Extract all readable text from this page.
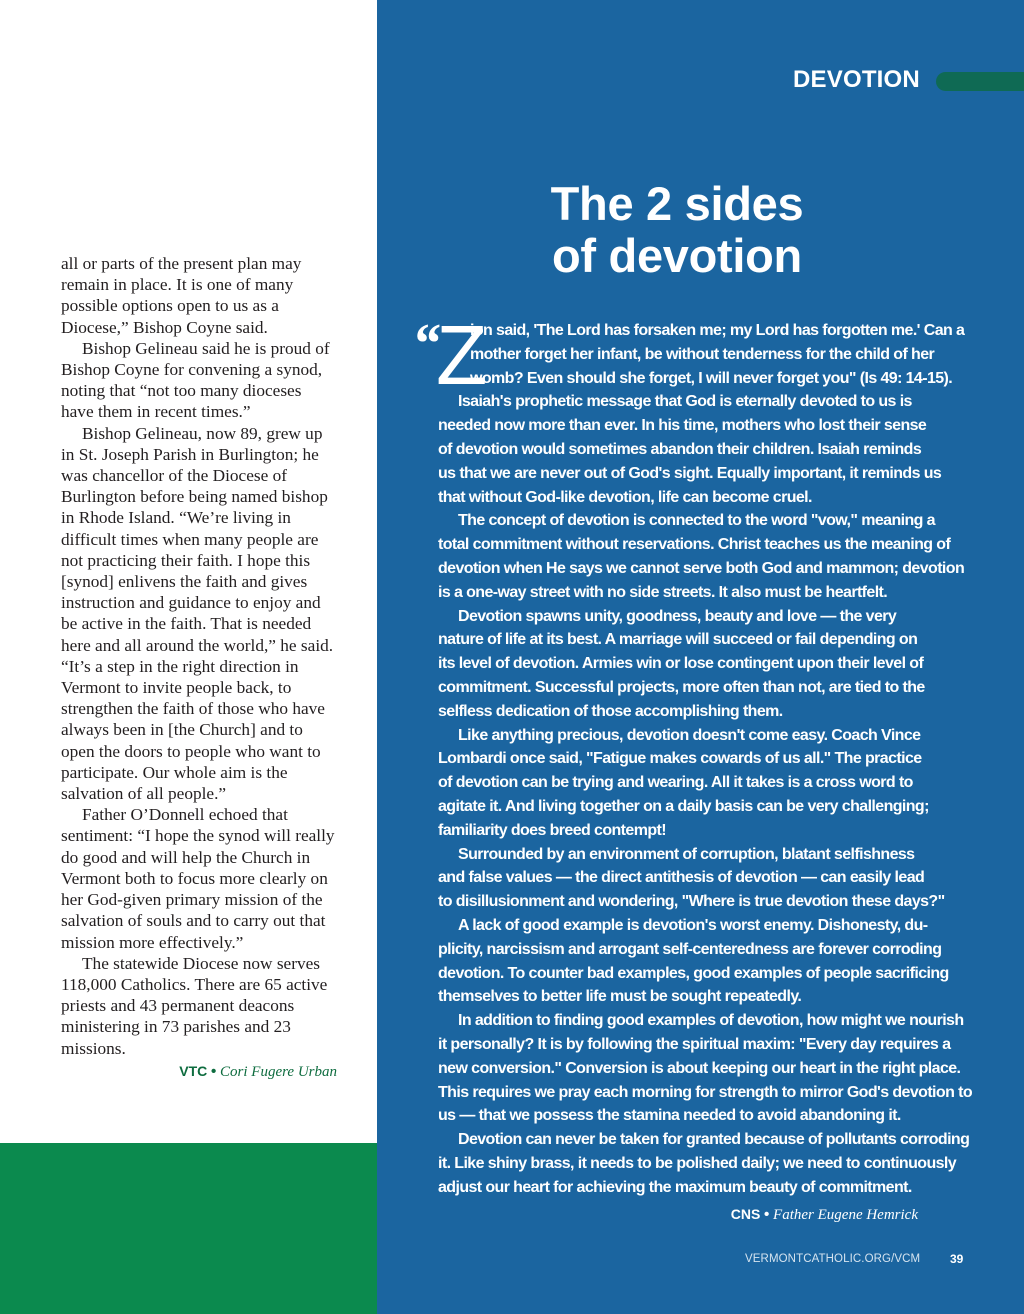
all or parts of the present plan may remain in place. It is one of many possible options open to us as a Diocese,” Bishop Coyne said.

Bishop Gelineau said he is proud of Bishop Coyne for convening a synod, noting that “not too many dioceses have them in recent times.”

Bishop Gelineau, now 89, grew up in St. Joseph Parish in Burlington; he was chancellor of the Diocese of Burlington before being named bishop in Rhode Island. “We’re living in difficult times when many people are not practicing their faith. I hope this [synod] enlivens the faith and gives instruction and guidance to enjoy and be active in the faith. That is needed here and all around the world,” he said. “It’s a step in the right direction in Vermont to invite people back, to strengthen the faith of those who have always been in [the Church] and to open the doors to people who want to participate. Our whole aim is the salvation of all people.”

Father O’Donnell echoed that sentiment: “I hope the synod will really do good and will help the Church in Vermont both to focus more clearly on her God-given primary mission of the salvation of souls and to carry out that mission more effectively.”

The statewide Diocese now serves 118,000 Catholics. There are 65 active priests and 43 permanent deacons ministering in 73 parishes and 23 missions.

VTC • Cori Fugere Urban
DEVOTION
The 2 sides
of devotion
“
Z
ion said, 'The Lord has forsaken me; my Lord has forgotten me.' Can a
mother forget her infant, be without tenderness for the child of her
womb? Even should she forget, I will never forget you" (Is 49: 14-15).
Isaiah's prophetic message that God is eternally devoted to us is
needed now more than ever. In his time, mothers who lost their sense
of devotion would sometimes abandon their children. Isaiah reminds
us that we are never out of God's sight. Equally important, it reminds us
that without God-like devotion, life can become cruel.
The concept of devotion is connected to the word "vow," meaning a
total commitment without reservations. Christ teaches us the meaning of
devotion when He says we cannot serve both God and mammon; devotion
is a one-way street with no side streets. It also must be heartfelt.
Devotion spawns unity, goodness, beauty and love — the very
nature of life at its best. A marriage will succeed or fail depending on
its level of devotion. Armies win or lose contingent upon their level of
commitment. Successful projects, more often than not, are tied to the
selfless dedication of those accomplishing them.
Like anything precious, devotion doesn't come easy. Coach Vince
Lombardi once said, "Fatigue makes cowards of us all." The practice
of devotion can be trying and wearing. All it takes is a cross word to
agitate it. And living together on a daily basis can be very challenging;
familiarity does breed contempt!
Surrounded by an environment of corruption, blatant selfishness
and false values — the direct antithesis of devotion — can easily lead
to disillusionment and wondering, "Where is true devotion these days?"
A lack of good example is devotion's worst enemy. Dishonesty, du-
plicity, narcissism and arrogant self-centeredness are forever corroding
devotion. To counter bad examples, good examples of people sacrificing
themselves to better life must be sought repeatedly.
In addition to finding good examples of devotion, how might we nourish
it personally? It is by following the spiritual maxim: "Every day requires a
new conversion." Conversion is about keeping our heart in the right place.
This requires we pray each morning for strength to mirror God's devotion to
us — that we possess the stamina needed to avoid abandoning it.
Devotion can never be taken for granted because of pollutants corroding
it. Like shiny brass, it needs to be polished daily; we need to continuously
adjust our heart for achieving the maximum beauty of commitment.
CNS • Father Eugene Hemrick
VERMONTCATHOLIC.ORG/VCM 39
